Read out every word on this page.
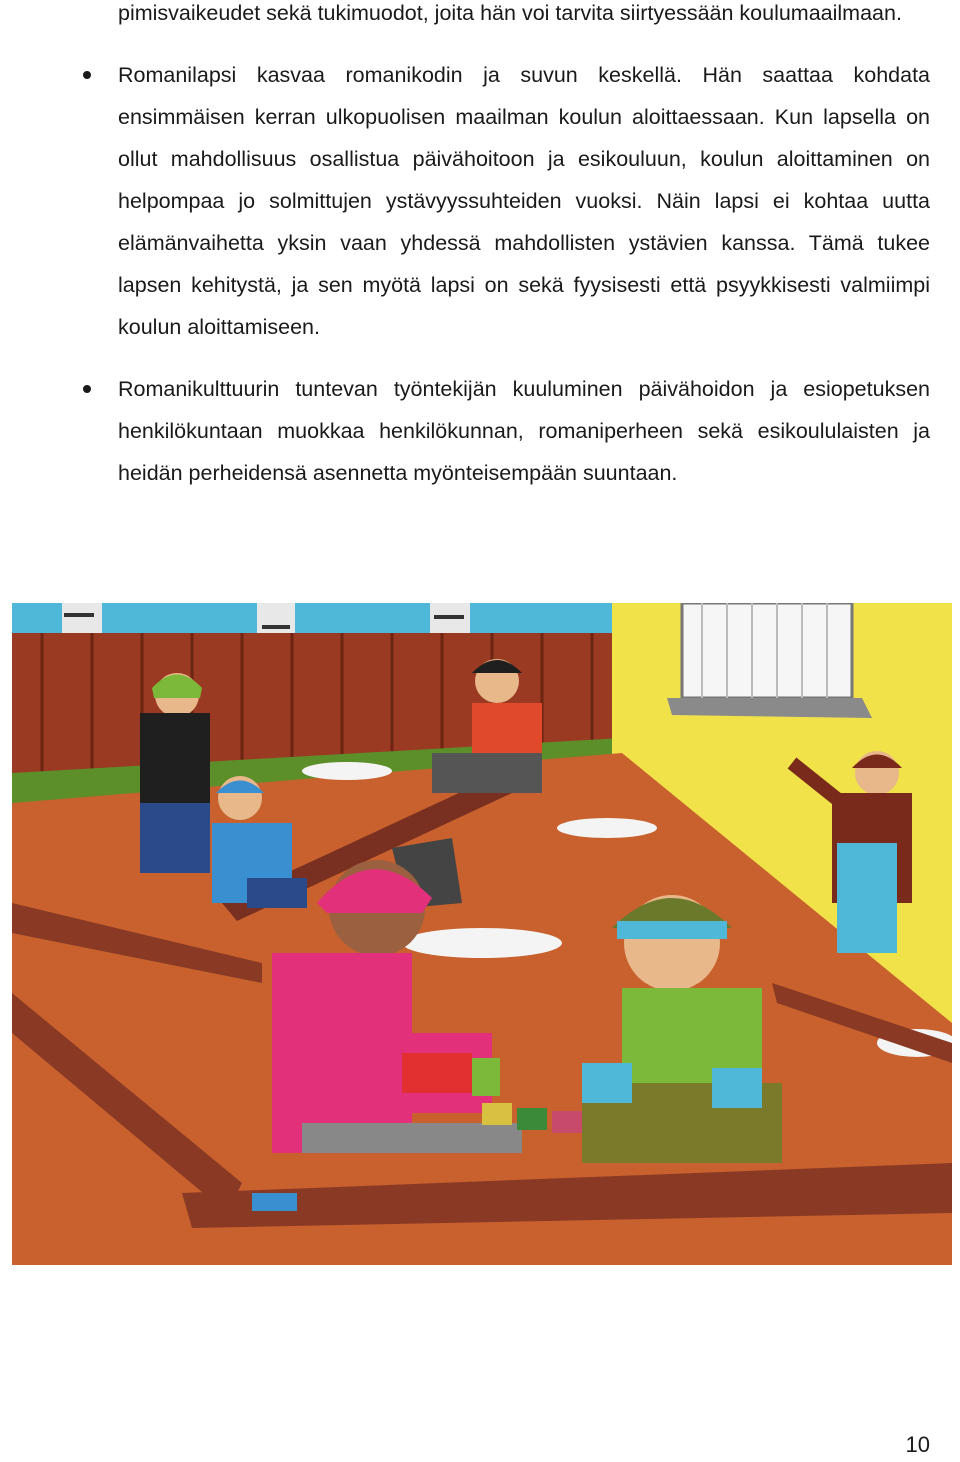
pimisvaikeudet sekä tukimuodot, joita hän voi tarvita siirtyessään koulumaailmaan.

Romanilapsi kasvaa romanikodin ja suvun keskellä. Hän saattaa kohdata ensimmäisen kerran ulkopuolisen maailman koulun aloittaessaan. Kun lapsella on ollut mahdollisuus osallistua päivähoitoon ja esikouluun, koulun aloittaminen on helpompaa jo solmittujen ystävyyssuhteiden vuoksi. Näin lapsi ei kohtaa uutta elämänvaihetta yksin vaan yhdessä mahdollisten ystävien kanssa. Tämä tukee lapsen kehitystä, ja sen myötä lapsi on sekä fyysisesti että psyykkisesti valmiimpi koulun aloittamiseen.

Romanikulttuurin tuntevan työntekijän kuuluminen päivähoidon ja esiopetuksen henkilökuntaan muokkaa henkilökunnan, romaniperheen sekä esikoululaisten ja heidän perheidensä asennetta myönteisempään suuntaan.

10
